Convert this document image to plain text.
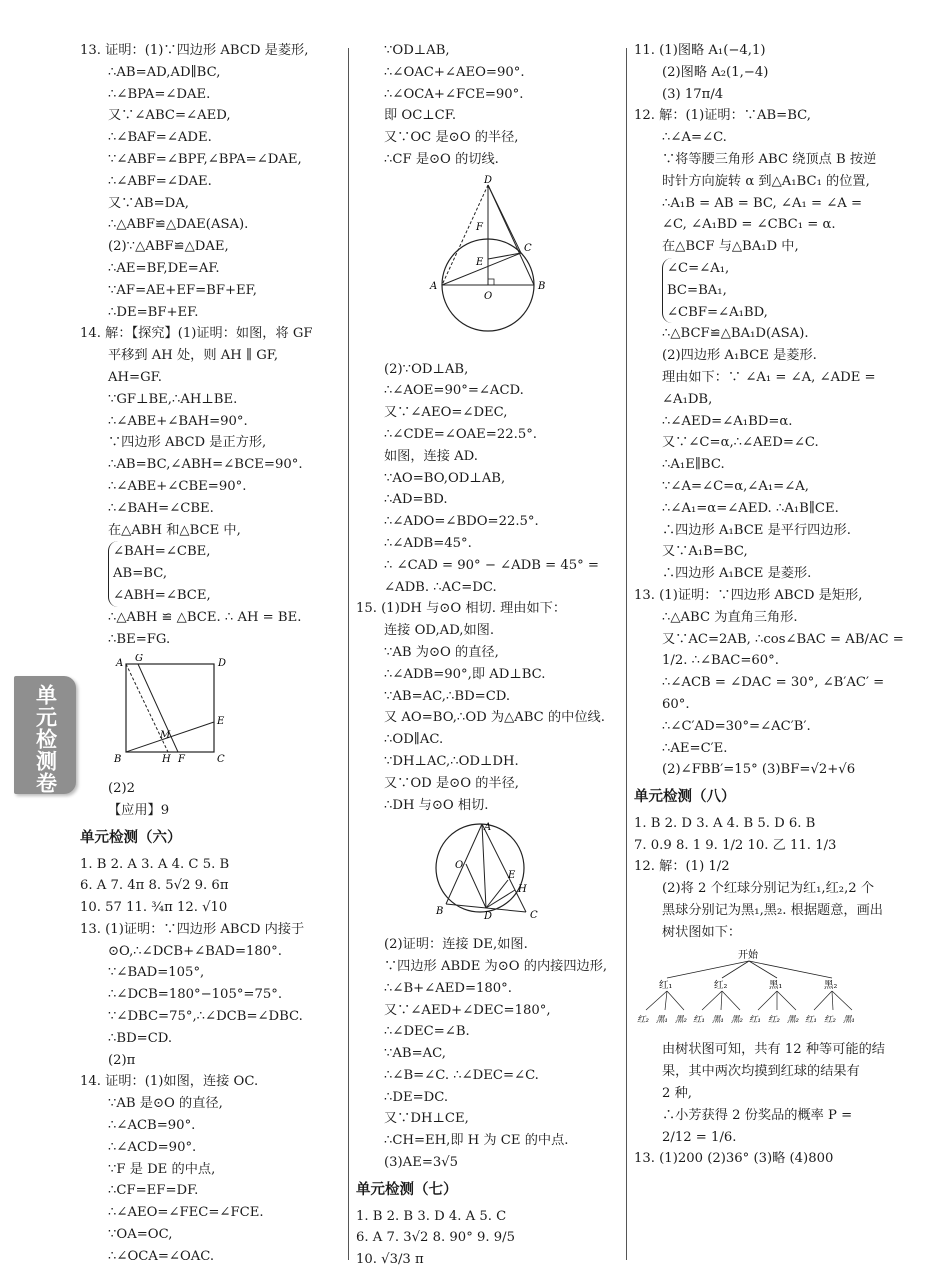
单元检测卷
13. 证明：(1)∵四边形 ABCD 是菱形,
∴AB=AD,AD∥BC,
∴∠BPA=∠DAE.
又∵∠ABC=∠AED,
∴∠BAF=∠ADE.
∵∠ABF=∠BPF,∠BPA=∠DAE,
∴∠ABF=∠DAE.
又∵AB=DA,
∴△ABF≌△DAE(ASA).
(2)∵△ABF≌△DAE,
∴AE=BF,DE=AF.
∵AF=AE+EF=BF+EF,
∴DE=BF+EF.
14. 解：【探究】(1)证明：如图，将 GF
平移到 AH 处，则 AH ∥ GF,
AH=GF.
∵GF⊥BE,∴AH⊥BE.
∴∠ABE+∠BAH=90°.
∵四边形 ABCD 是正方形,
∴AB=BC,∠ABH=∠BCE=90°.
∴∠ABE+∠CBE=90°.
∴∠BAH=∠CBE.
在△ABH 和△BCE 中,
∠BAH=∠CBE,
AB=BC,
∠ABH=∠BCE,
∴△ABH ≌ △BCE. ∴ AH = BE.
∴BE=FG.
A G	D
E
M
B	H F	C
(2)2
【应用】9
单元检测（六）
1. B 2. A 3. A 4. C 5. B
6. A 7. 4π 8. 5√2 9. 6π
10. 57 11. ¾π 12. √10
13. (1)证明：∵四边形 ABCD 内接于
⊙O,∴∠DCB+∠BAD=180°.
∵∠BAD=105°,
∴∠DCB=180°−105°=75°.
∵∠DBC=75°,∴∠DCB=∠DBC.
∴BD=CD.
(2)π
14. 证明：(1)如图，连接 OC.
∵AB 是⊙O 的直径,
∴∠ACB=90°.
∴∠ACD=90°.
∵F 是 DE 的中点,
∴CF=EF=DF.
∴∠AEO=∠FEC=∠FCE.
∵OA=OC,
∴∠OCA=∠OAC.
∵OD⊥AB,
∴∠OAC+∠AEO=90°.
∴∠OCA+∠FCE=90°.
即 OC⊥CF.
又∵OC 是⊙O 的半径,
∴CF 是⊙O 的切线.
D
F
C
E
A
O
B
(2)∵OD⊥AB,
∴∠AOE=90°=∠ACD.
又∵∠AEO=∠DEC,
∴∠CDE=∠OAE=22.5°.
如图，连接 AD.
∵AO=BO,OD⊥AB,
∴AD=BD.
∴∠ADO=∠BDO=22.5°.
∴∠ADB=45°.
∴ ∠CAD = 90° − ∠ADB = 45° =
∠ADB. ∴AC=DC.
15. (1)DH 与⊙O 相切. 理由如下：
连接 OD,AD,如图.
∵AB 为⊙O 的直径,
∴∠ADB=90°,即 AD⊥BC.
∵AB=AC,∴BD=CD.
又 AO=BO,∴OD 为△ABC 的中位线.
∴OD∥AC.
∵DH⊥AC,∴OD⊥DH.
又∵OD 是⊙O 的半径,
∴DH 与⊙O 相切.
A
O
E
H
B	D	C
(2)证明：连接 DE,如图.
∵四边形 ABDE 为⊙O 的内接四边形,
∴∠B+∠AED=180°.
又∵∠AED+∠DEC=180°,
∴∠DEC=∠B.
∵AB=AC,
∴∠B=∠C. ∴∠DEC=∠C.
∴DE=DC.
又∵DH⊥CE,
∴CH=EH,即 H 为 CE 的中点.
(3)AE=3√5
单元检测（七）
1. B 2. B 3. D 4. A 5. C
6. A 7. 3√2 8. 90° 9. 9/5
10. √3/3 π
11. (1)图略 A₁(−4,1)
(2)图略 A₂(1,−4)
(3) 17π/4
12. 解：(1)证明：∵AB=BC,
∴∠A=∠C.
∵将等腰三角形 ABC 绕顶点 B 按逆
时针方向旋转 α 到△A₁BC₁ 的位置,
∴A₁B = AB = BC, ∠A₁ = ∠A =
∠C, ∠A₁BD = ∠CBC₁ = α.
在△BCF 与△BA₁D 中,
∠C=∠A₁,
BC=BA₁,
∠CBF=∠A₁BD,
∴△BCF≌△BA₁D(ASA).
(2)四边形 A₁BCE 是菱形.
理由如下：∵ ∠A₁ = ∠A, ∠ADE =
∠A₁DB,
∴∠AED=∠A₁BD=α.
又∵∠C=α,∴∠AED=∠C.
∴A₁E∥BC.
∵∠A=∠C=α,∠A₁=∠A,
∴∠A₁=α=∠AED. ∴A₁B∥CE.
∴四边形 A₁BCE 是平行四边形.
又∵A₁B=BC,
∴四边形 A₁BCE 是菱形.
13. (1)证明：∵四边形 ABCD 是矩形,
∴△ABC 为直角三角形.
又∵AC=2AB, ∴cos∠BAC = AB/AC =
1/2. ∴∠BAC=60°.
∴∠ACB = ∠DAC = 30°, ∠B′AC′ =
60°.
∴∠C′AD=30°=∠AC′B′.
∴AE=C′E.
(2)∠FBB′=15° (3)BF=√2+√6
单元检测（八）
1. B 2. D 3. A 4. B 5. D 6. B
7. 0.9 8. 1 9. 1/2 10. 乙 11. 1/3
12. 解：(1) 1/2
(2)将 2 个红球分别记为红₁,红₂,2 个
黑球分别记为黑₁,黑₂. 根据题意，画出
树状图如下：
开始
红₁	红₂	黑₁	黑₂
红₂ 黑₁ 黑₂ 红₁ 黑₁ 黑₂ 红₁ 红₂ 黑₂ 红₁ 红₂ 黑₁
由树状图可知，共有 12 种等可能的结
果，其中两次均摸到红球的结果有
2 种,
∴小芳获得 2 份奖品的概率 P =
2/12 = 1/6.
13. (1)200 (2)36° (3)略 (4)800
